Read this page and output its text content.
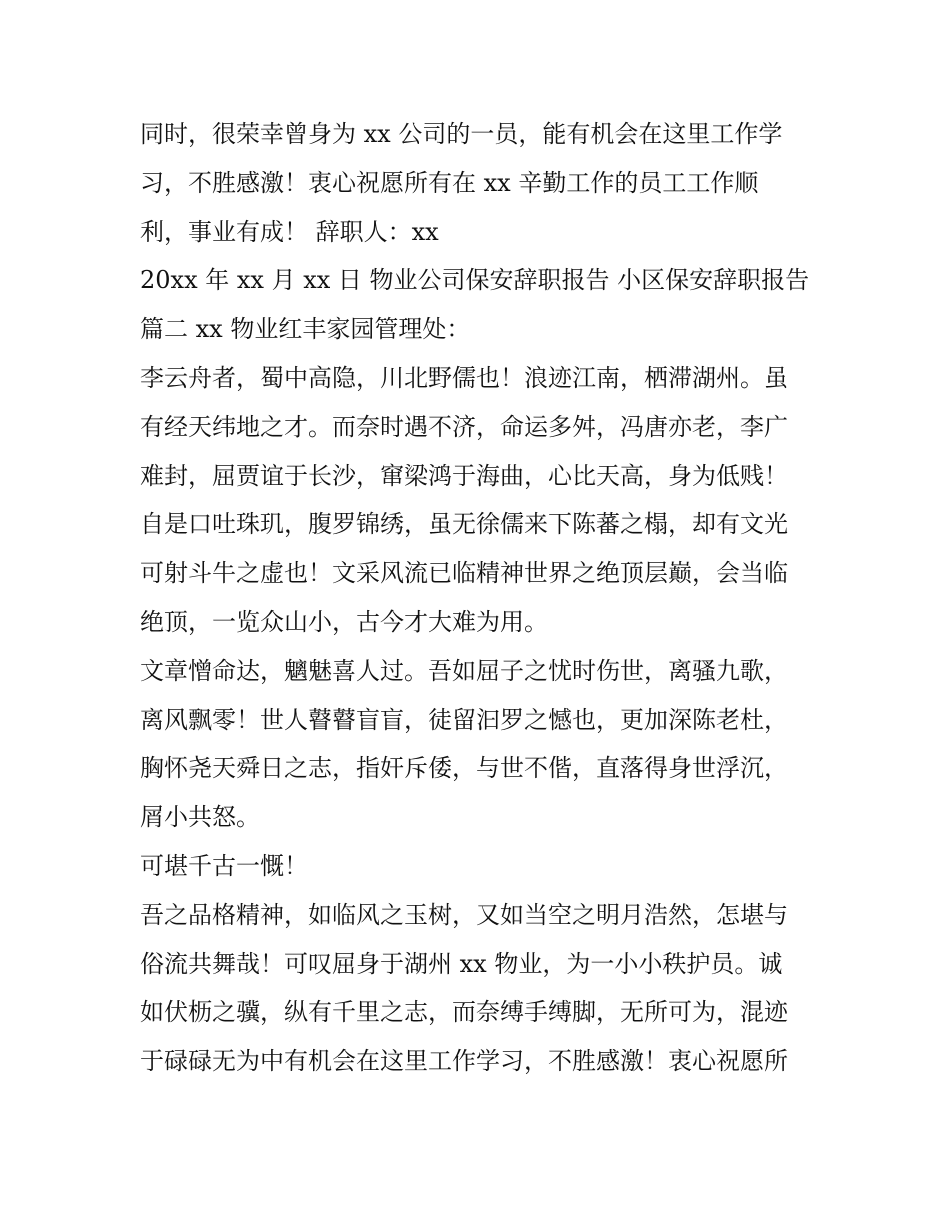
同时，很荣幸曾身为 xx 公司的一员，能有机会在这里工作学

习，不胜感激！衷心祝愿所有在 xx 辛勤工作的员工工作顺

利，事业有成！ 辞职人：xx

20xx 年 xx 月 xx 日 物业公司保安辞职报告 小区保安辞职报告

篇二 xx 物业红丰家园管理处：

李云舟者，蜀中高隐，川北野儒也！浪迹江南，栖滞湖州。虽

有经天纬地之才。而奈时遇不济，命运多舛，冯唐亦老，李广

难封，屈贾谊于长沙，窜梁鸿于海曲，心比天高，身为低贱！

自是口吐珠玑，腹罗锦绣，虽无徐儒来下陈蕃之榻，却有文光

可射斗牛之虚也！文采风流已临精神世界之绝顶层巅，会当临

绝顶，一览众山小，古今才大难为用。

文章憎命达，魑魅喜人过。吾如屈子之忧时伤世，离骚九歌，

离风飘零！世人瞽瞽盲盲，徒留汩罗之憾也，更加深陈老杜，

胸怀尧天舜日之志，指奸斥倭，与世不偕，直落得身世浮沉，

屑小共怒。

可堪千古一慨！

吾之品格精神，如临风之玉树，又如当空之明月浩然，怎堪与

俗流共舞哉！可叹屈身于湖州 xx 物业，为一小小秩护员。诚

如伏枥之骥，纵有千里之志，而奈缚手缚脚，无所可为，混迹

于碌碌无为中有机会在这里工作学习，不胜感激！衷心祝愿所
